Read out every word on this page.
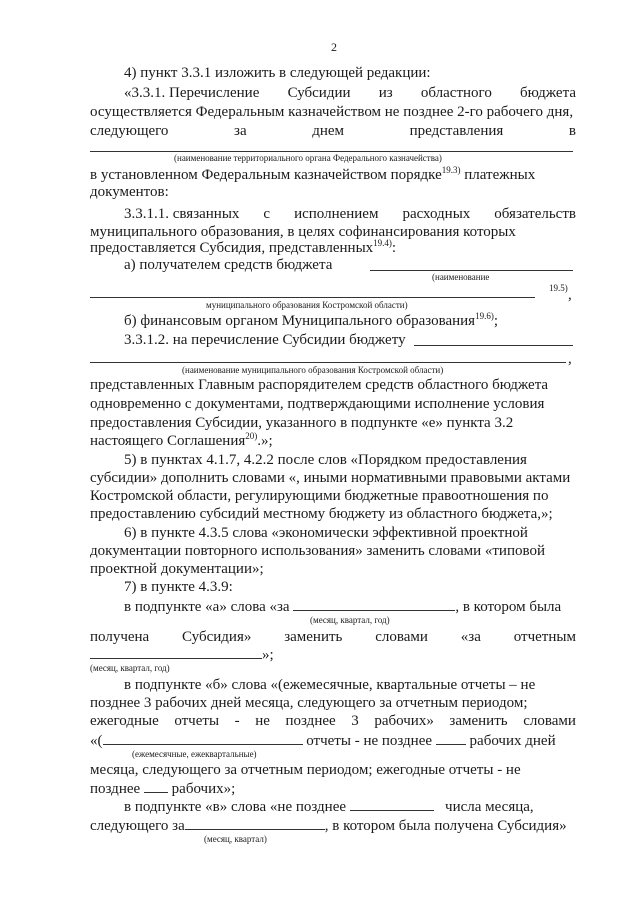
2
4) пункт 3.3.1 изложить в следующей редакции:
«3.3.1. Перечисление Субсидии из областного бюджета
осуществляется Федеральным казначейством не позднее 2-го рабочего дня,
следующего	за	днем	представления	в
(наименование территориального органа Федерального казначейства)
в установленном Федеральным казначейством порядке$^{19.3)}$ платежных
документов:
3.3.1.1. связанных с исполнением расходных обязательств
муниципального образования, в целях софинансирования которых
предоставляется Субсидия, представленных$^{19.4)}$:
а) получателем средств бюджета
(наименование
19.5) ,
муниципального образования Костромской области)
б) финансовым органом Муниципального образования$^{19.6)}$;
3.3.1.2. на перечисление Субсидии бюджету
,
(наименование муниципального образования Костромской области)
представленных Главным распорядителем средств областного бюджета
одновременно с документами, подтверждающими исполнение условия
предоставления Субсидии, указанного в подпункте «е» пункта 3.2
настоящего Соглашения$^{20)}$.»;
5) в пунктах 4.1.7, 4.2.2 после слов «Порядком предоставления
субсидии» дополнить словами «, иными нормативными правовыми актами
Костромской области, регулирующими бюджетные правоотношения по
предоставлению субсидий местному бюджету из областного бюджета,»;
6) в пункте 4.3.5 слова «экономически эффективной проектной
документации повторного использования» заменить словами «типовой
проектной документации»;
7) в пункте 4.3.9:
в подпункте «а» слова «за	, в котором была
(месяц, квартал, год)
получена Субсидия» заменить словами «за отчетным
»;
(месяц, квартал, год)
в подпункте «б» слова «(ежемесячные, квартальные отчеты – не
позднее 3 рабочих дней месяца, следующего за отчетным периодом;
ежегодные отчеты - не позднее 3 рабочих» заменить словами
«(	отчеты - не позднее	рабочих дней
(ежемесячные, ежеквартальные)
месяца, следующего за отчетным периодом; ежегодные отчеты - не
позднее рабочих»;
в подпункте «в» слова «не позднее	числа месяца,
следующего за	, в котором была получена Субсидия»
(месяц, квартал)
